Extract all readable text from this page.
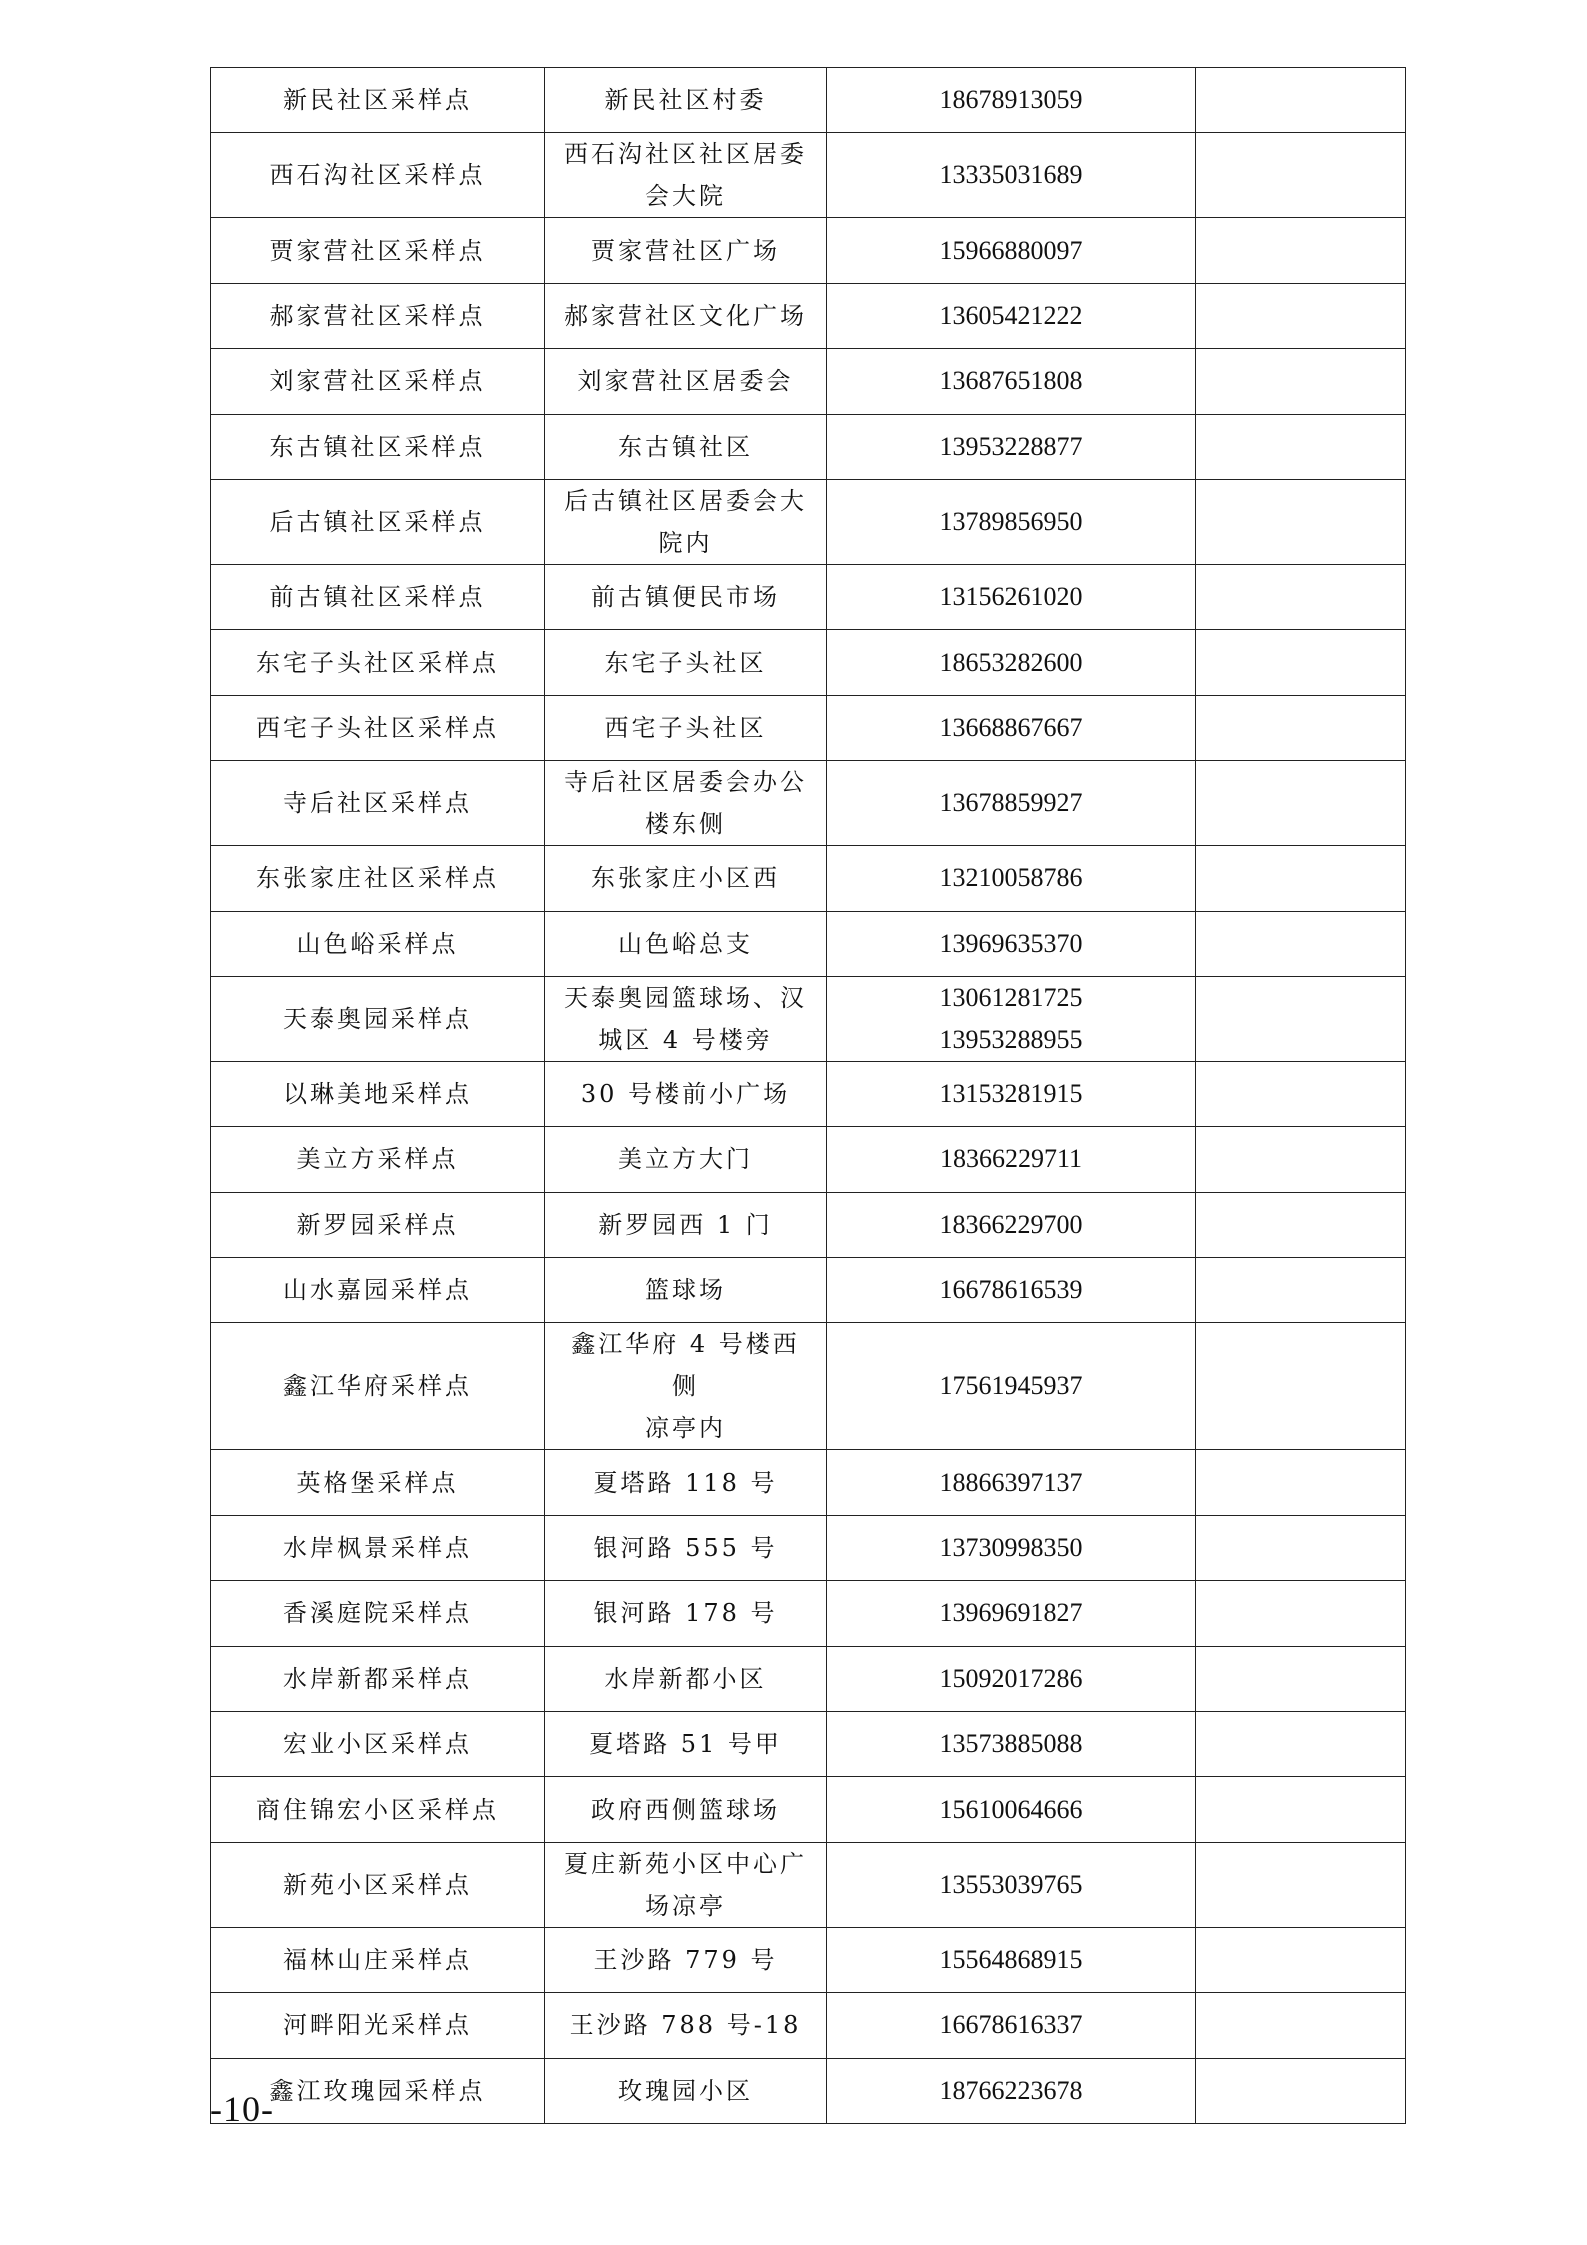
新民社区采样点	新民社区村委	18678913059	

西石沟社区采样点	西石沟社区社区居委
会大院	13335031689	

贾家营社区采样点	贾家营社区广场	15966880097	

郝家营社区采样点	郝家营社区文化广场	13605421222	

刘家营社区采样点	刘家营社区居委会	13687651808	

东古镇社区采样点	东古镇社区	13953228877	

后古镇社区采样点	后古镇社区居委会大
院内	13789856950	

前古镇社区采样点	前古镇便民市场	13156261020	

东宅子头社区采样点	东宅子头社区	18653282600	

西宅子头社区采样点	西宅子头社区	13668867667	

寺后社区采样点	寺后社区居委会办公
楼东侧	13678859927	

东张家庄社区采样点	东张家庄小区西	13210058786	

山色峪采样点	山色峪总支	13969635370	

天泰奥园采样点	天泰奥园篮球场、汉
城区 4 号楼旁	13061281725
13953288955	

以琳美地采样点	30 号楼前小广场	13153281915	

美立方采样点	美立方大门	18366229711	

新罗园采样点	新罗园西 1 门	18366229700	

山水嘉园采样点	篮球场	16678616539	

鑫江华府采样点	鑫江华府 4 号楼西侧
凉亭内	17561945937	

英格堡采样点	夏塔路 118 号	18866397137	

水岸枫景采样点	银河路 555 号	13730998350	

香溪庭院采样点	银河路 178 号	13969691827	

水岸新都采样点	水岸新都小区	15092017286	

宏业小区采样点	夏塔路 51 号甲	13573885088	

商住锦宏小区采样点	政府西侧篮球场	15610064666	

新苑小区采样点	夏庄新苑小区中心广
场凉亭	13553039765	

福林山庄采样点	王沙路 779 号	15564868915	

河畔阳光采样点	王沙路 788 号-18	16678616337	

鑫江玫瑰园采样点	玫瑰园小区	18766223678	

-10-
